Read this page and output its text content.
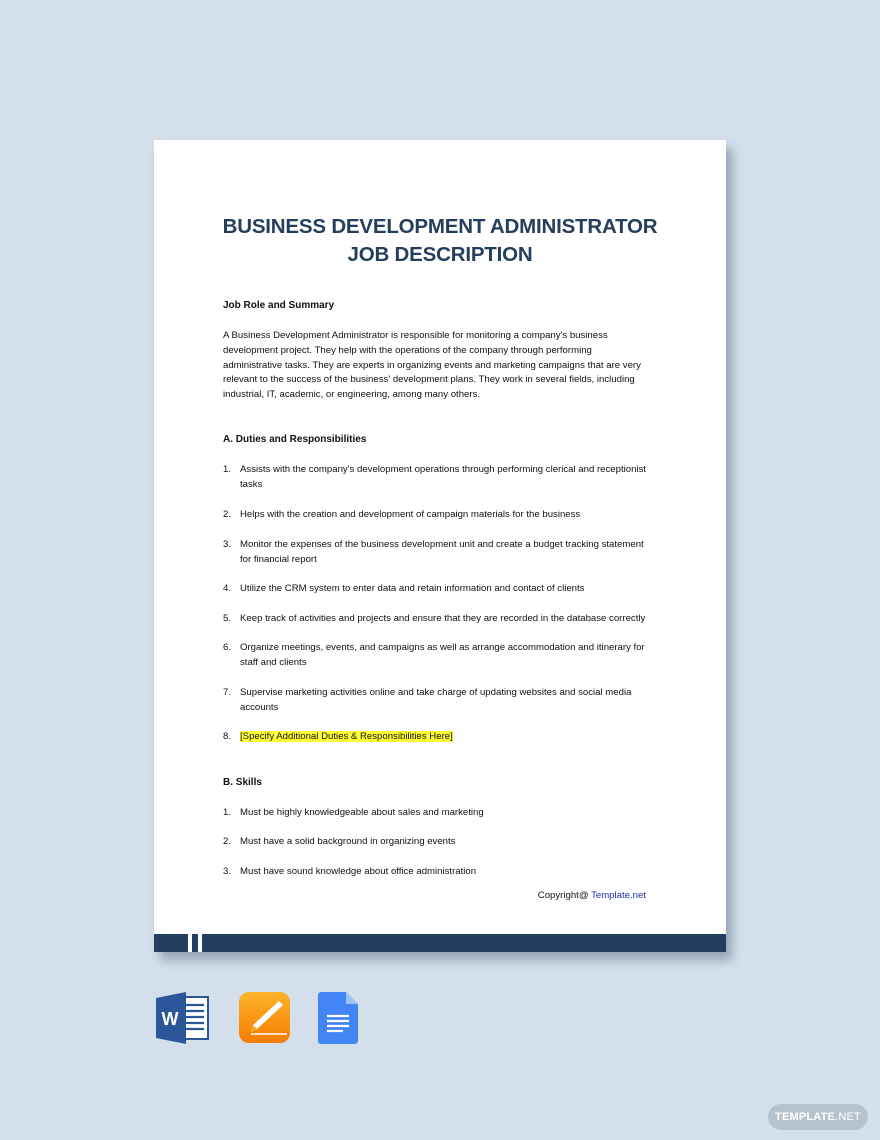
BUSINESS DEVELOPMENT ADMINISTRATOR
JOB DESCRIPTION
Job Role and Summary
A Business Development Administrator is responsible for monitoring a company's business
development project. They help with the operations of the company through performing
administrative tasks. They are experts in organizing events and marketing campaigns that are very
relevant to the success of the business' development plans. They work in several fields, including
industrial, IT, academic, or engineering, among many others.
A. Duties and Responsibilities
1. Assists with the company's development operations through performing clerical and receptionist
tasks
2. Helps with the creation and development of campaign materials for the business
3. Monitor the expenses of the business development unit and create a budget tracking statement
for financial report
4. Utilize the CRM system to enter data and retain information and contact of clients
5. Keep track of activities and projects and ensure that they are recorded in the database correctly
6. Organize meetings, events, and campaigns as well as arrange accommodation and itinerary for
staff and clients
7. Supervise marketing activities online and take charge of updating websites and social media
accounts
8. [Specify Additional Duties & Responsibilities Here]
B. Skills
1. Must be highly knowledgeable about sales and marketing
2. Must have a solid background in organizing events
3. Must have sound knowledge about office administration
Copyright@ Template.net
W
TEMPLATE.NET
